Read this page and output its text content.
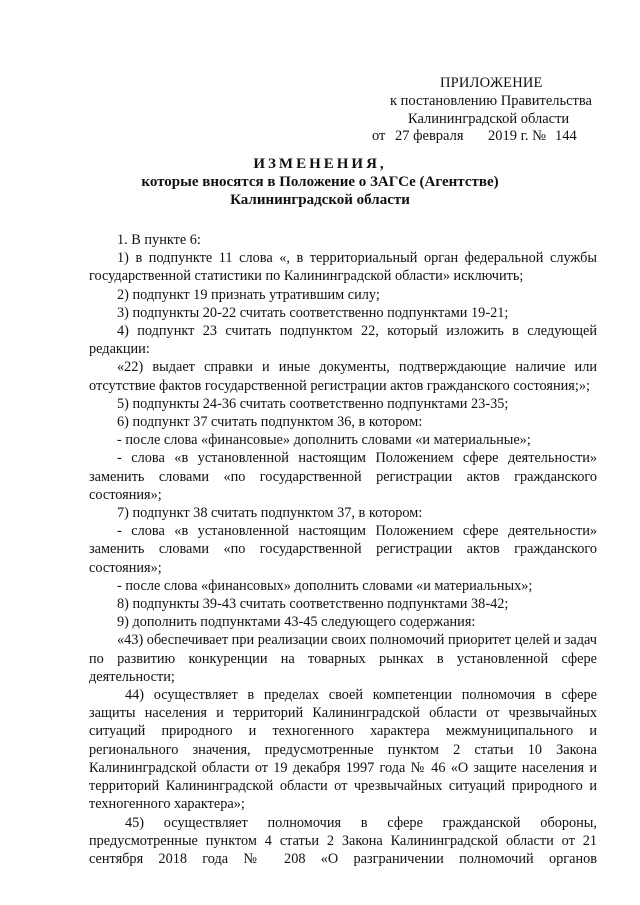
ПРИЛОЖЕНИЕ
к постановлению Правительства
Калининградской области
от 27 февраля 2019 г. № 144
ИЗМЕНЕНИЯ,
которые вносятся в Положение о ЗАГСе (Агентстве)
Калининградской области

1. В пункте 6:

1) в подпункте 11 слова «, в территориальный орган федеральной службы государственной статистики по Калининградской области» исключить;

2) подпункт 19 признать утратившим силу;

3) подпункты 20-22 считать соответственно подпунктами 19-21;

4) подпункт 23 считать подпунктом 22, который изложить в следующей редакции:

«22) выдает справки и иные документы, подтверждающие наличие или отсутствие фактов государственной регистрации актов гражданского состояния;»;

5) подпункты 24-36 считать соответственно подпунктами 23-35;

6) подпункт 37 считать подпунктом 36, в котором:

- после слова «финансовые» дополнить словами «и материальные»;

- слова «в установленной настоящим Положением сфере деятельности» заменить словами «по государственной регистрации актов гражданского состояния»;

7) подпункт 38 считать подпунктом 37, в котором:

- слова «в установленной настоящим Положением сфере деятельности» заменить словами «по государственной регистрации актов гражданского состояния»;

- после слова «финансовых» дополнить словами «и материальных»;

8) подпункты 39-43 считать соответственно подпунктами 38-42;

9) дополнить подпунктами 43-45 следующего содержания:

«43) обеспечивает при реализации своих полномочий приоритет целей и задач по развитию конкуренции на товарных рынках в установленной сфере деятельности;

44) осуществляет в пределах своей компетенции полномочия в сфере защиты населения и территорий Калининградской области от чрезвычайных ситуаций природного и техногенного характера межмуниципального и регионального значения, предусмотренные пунктом 2 статьи 10 Закона Калининградской области от 19 декабря 1997 года № 46 «О защите населения и территорий Калининградской области от чрезвычайных ситуаций природного и техногенного характера»;

45) осуществляет полномочия в сфере гражданской обороны, предусмотренные пунктом 4 статьи 2 Закона Калининградской области от 21 сентября 2018 года № 208 «О разграничении полномочий органов
